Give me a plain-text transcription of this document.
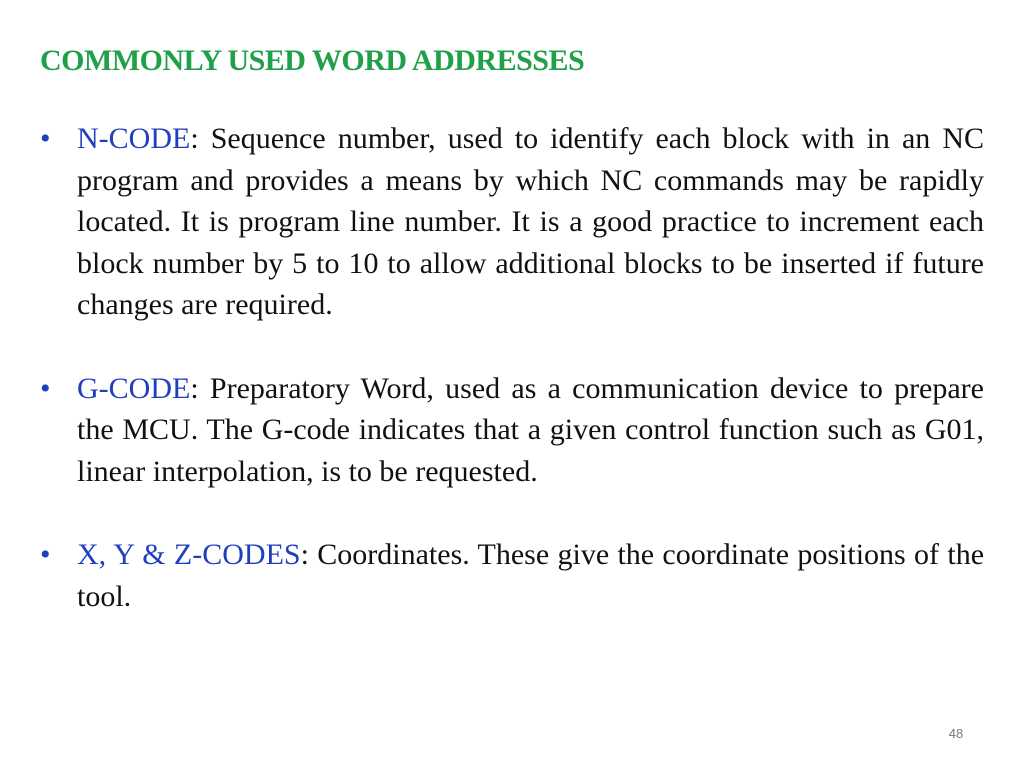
COMMONLY USED WORD ADDRESSES
• N-CODE: Sequence number, used to identify each block with in an NC program and provides a means by which NC commands may be rapidly located. It is program line number. It is a good practice to increment each block number by 5 to 10 to allow additional blocks to be inserted if future changes are required.
• G-CODE: Preparatory Word, used as a communication device to prepare the MCU. The G-code indicates that a given control function such as G01, linear interpolation, is to be requested.
• X, Y & Z-CODES: Coordinates. These give the coordinate positions of the tool.
48
